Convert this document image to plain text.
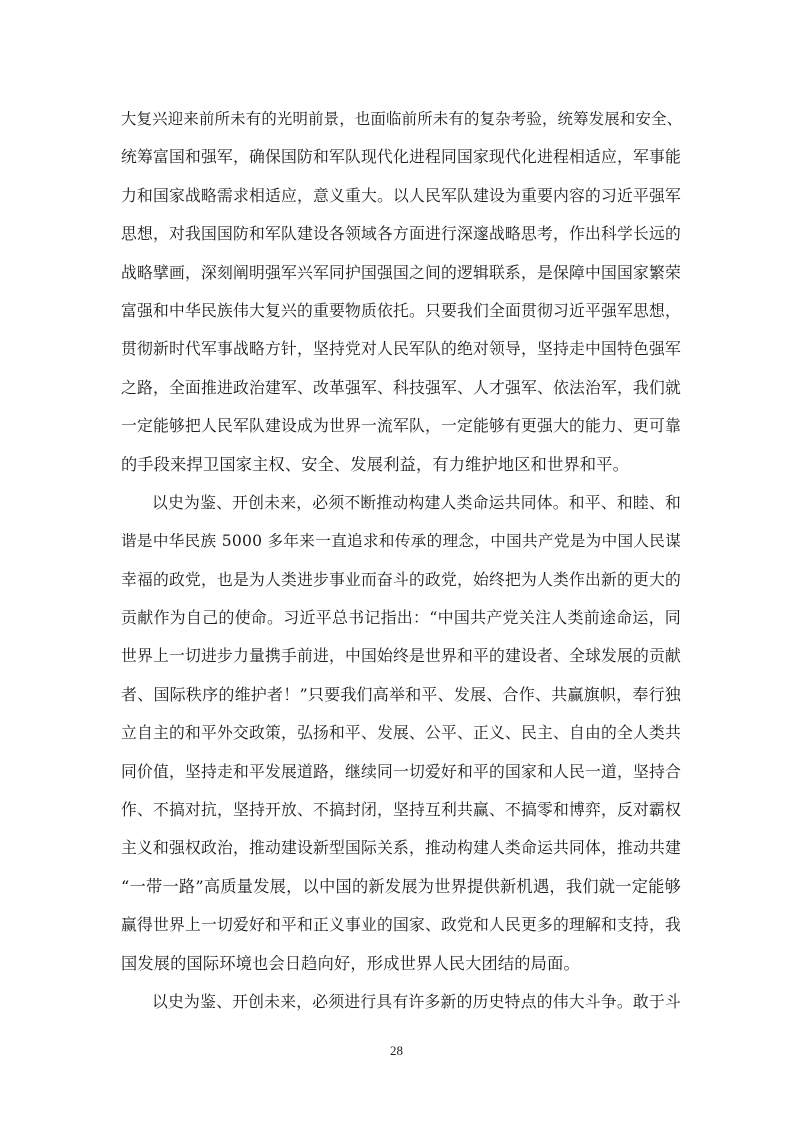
大复兴迎来前所未有的光明前景，也面临前所未有的复杂考验，统筹发展和安全、
统筹富国和强军，确保国防和军队现代化进程同国家现代化进程相适应，军事能
力和国家战略需求相适应，意义重大。以人民军队建设为重要内容的习近平强军
思想，对我国国防和军队建设各领域各方面进行深邃战略思考，作出科学长远的
战略擘画，深刻阐明强军兴军同护国强国之间的逻辑联系，是保障中国国家繁荣
富强和中华民族伟大复兴的重要物质依托。只要我们全面贯彻习近平强军思想，
贯彻新时代军事战略方针，坚持党对人民军队的绝对领导，坚持走中国特色强军
之路，全面推进政治建军、改革强军、科技强军、人才强军、依法治军，我们就
一定能够把人民军队建设成为世界一流军队，一定能够有更强大的能力、更可靠
的手段来捍卫国家主权、安全、发展利益，有力维护地区和世界和平。
以史为鉴、开创未来，必须不断推动构建人类命运共同体。和平、和睦、和
谐是中华民族 5000 多年来一直追求和传承的理念，中国共产党是为中国人民谋
幸福的政党，也是为人类进步事业而奋斗的政党，始终把为人类作出新的更大的
贡献作为自己的使命。习近平总书记指出：“中国共产党关注人类前途命运，同
世界上一切进步力量携手前进，中国始终是世界和平的建设者、全球发展的贡献
者、国际秩序的维护者！”只要我们高举和平、发展、合作、共赢旗帜，奉行独
立自主的和平外交政策，弘扬和平、发展、公平、正义、民主、自由的全人类共
同价值，坚持走和平发展道路，继续同一切爱好和平的国家和人民一道，坚持合
作、不搞对抗，坚持开放、不搞封闭，坚持互利共赢、不搞零和博弈，反对霸权
主义和强权政治，推动建设新型国际关系，推动构建人类命运共同体，推动共建
“一带一路”高质量发展，以中国的新发展为世界提供新机遇，我们就一定能够
赢得世界上一切爱好和平和正义事业的国家、政党和人民更多的理解和支持，我
国发展的国际环境也会日趋向好，形成世界人民大团结的局面。
以史为鉴、开创未来，必须进行具有许多新的历史特点的伟大斗争。敢于斗
28
